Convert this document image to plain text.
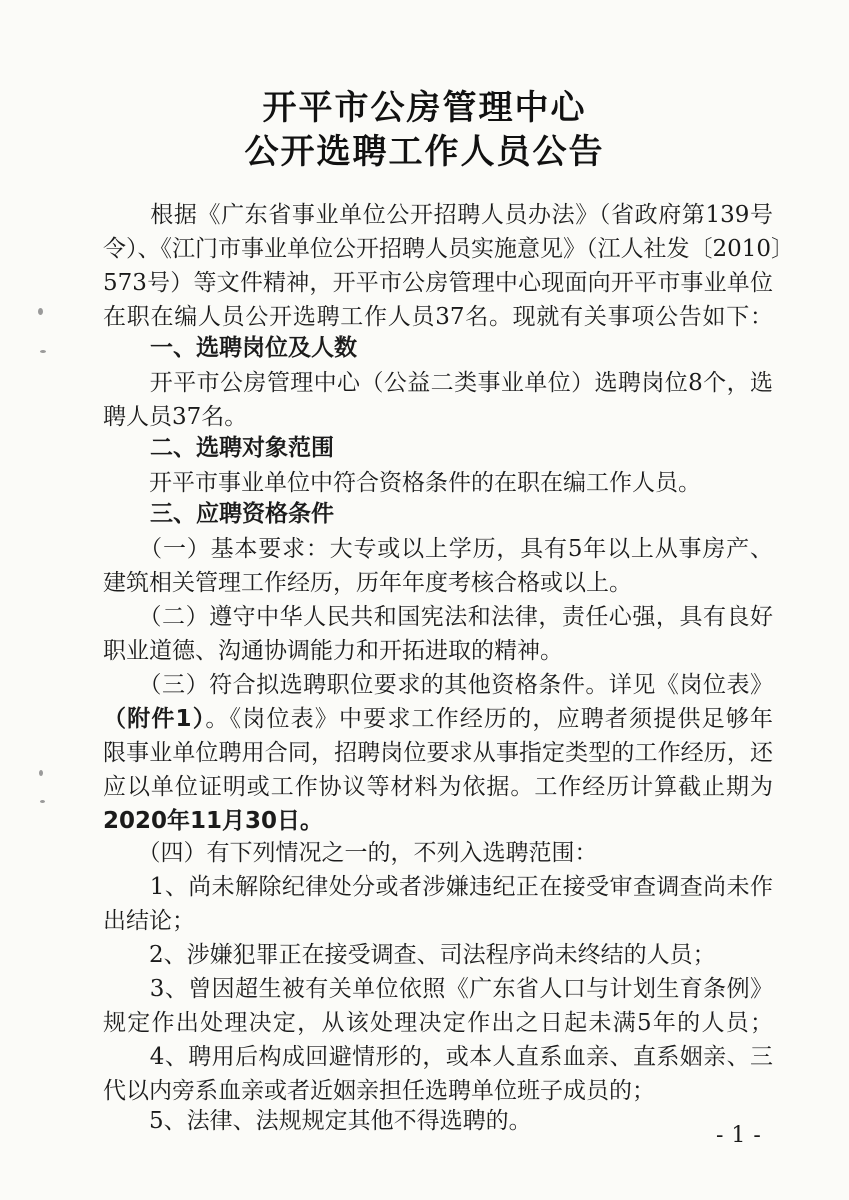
开平市公房管理中心
公开选聘工作人员公告
　　根据《广东省事业单位公开招聘人员办法》（省政府第139号
令）、《江门市事业单位公开招聘人员实施意见》（江人社发〔2010〕
573号）等文件精神，开平市公房管理中心现面向开平市事业单位
在职在编人员公开选聘工作人员37名。现就有关事项公告如下：
一、选聘岗位及人数
　　开平市公房管理中心（公益二类事业单位）选聘岗位8个，选
聘人员37名。
二、选聘对象范围
　　开平市事业单位中符合资格条件的在职在编工作人员。
三、应聘资格条件
　　（一）基本要求：大专或以上学历，具有5年以上从事房产、
建筑相关管理工作经历，历年年度考核合格或以上。
　　（二）遵守中华人民共和国宪法和法律，责任心强，具有良好
职业道德、沟通协调能力和开拓进取的精神。
　　（三）符合拟选聘职位要求的其他资格条件。详见《岗位表》
（附件1）。《岗位表》中要求工作经历的，应聘者须提供足够年
限事业单位聘用合同，招聘岗位要求从事指定类型的工作经历，还
应以单位证明或工作协议等材料为依据。工作经历计算截止期为
2020年11月30日。
　　（四）有下列情况之一的，不列入选聘范围：
　　1、尚未解除纪律处分或者涉嫌违纪正在接受审查调查尚未作
出结论；
　　2、涉嫌犯罪正在接受调查、司法程序尚未终结的人员；
　　3、曾因超生被有关单位依照《广东省人口与计划生育条例》
规定作出处理决定，从该处理决定作出之日起未满5年的人员；
　　4、聘用后构成回避情形的，或本人直系血亲、直系姻亲、三
代以内旁系血亲或者近姻亲担任选聘单位班子成员的；
　　5、法律、法规规定其他不得选聘的。
-1-
